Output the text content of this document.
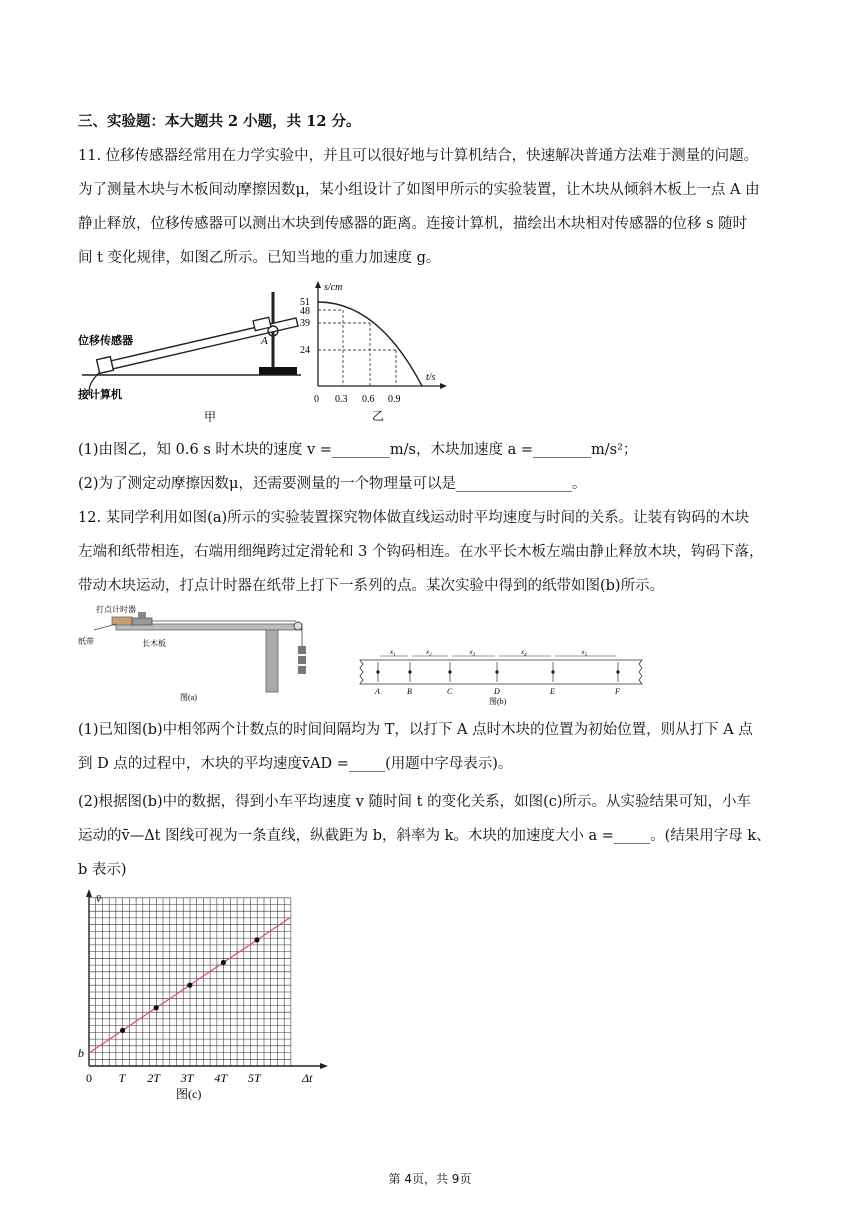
三、实验题：本大题共 2 小题，共 12 分。
11. 位移传感器经常用在力学实验中，并且可以很好地与计算机结合，快速解决普通方法难于测量的问题。
为了测量木块与木板间动摩擦因数μ，某小组设计了如图甲所示的实验装置，让木块从倾斜木板上一点 A 由
静止释放，位移传感器可以测出木块到传感器的距离。连接计算机，描绘出木块相对传感器的位移 s 随时
间 t 变化规律，如图乙所示。已知当地的重力加速度 g。
位移传感器
接计算机
A
甲
s/cm
t/s
51
48
39
24
0 0.3 0.6 0.9
乙
(1)由图乙，知 0.6 s 时木块的速度 v =________m/s，木块加速度 a =________m/s²；
(2)为了测定动摩擦因数μ，还需要测量的一个物理量可以是________________。
12. 某同学利用如图(a)所示的实验装置探究物体做直线运动时平均速度与时间的关系。让装有钩码的木块
左端和纸带相连，右端用细绳跨过定滑轮和 3 个钩码相连。在水平长木板左端由静止释放木块，钩码下落，
带动木块运动，打点计时器在纸带上打下一系列的点。某次实验中得到的纸带如图(b)所示。
打点计时器
纸带	长木板
图(a)
A	B	C	D	E	F
$x_1$	$x_2$	$x_3$	$x_4$	$x_5$
图(b)
(1)已知图(b)中相邻两个计数点的时间间隔均为 T，以打下 A 点时木块的位置为初始位置，则从打下 A 点
到 D 点的过程中，木块的平均速度v̄AD =_____(用题中字母表示)。
(2)根据图(b)中的数据，得到小车平均速度 v 随时间 t 的变化关系，如图(c)所示。从实验结果可知，小车
运动的v̄—Δt 图线可视为一条直线，纵截距为 b，斜率为 k。木块的加速度大小 a =_____。(结果用字母 k、
b 表示)
v̄
Δt
b
0 T 2T 3T 4T 5T
图(c)
第 4页，共 9页
